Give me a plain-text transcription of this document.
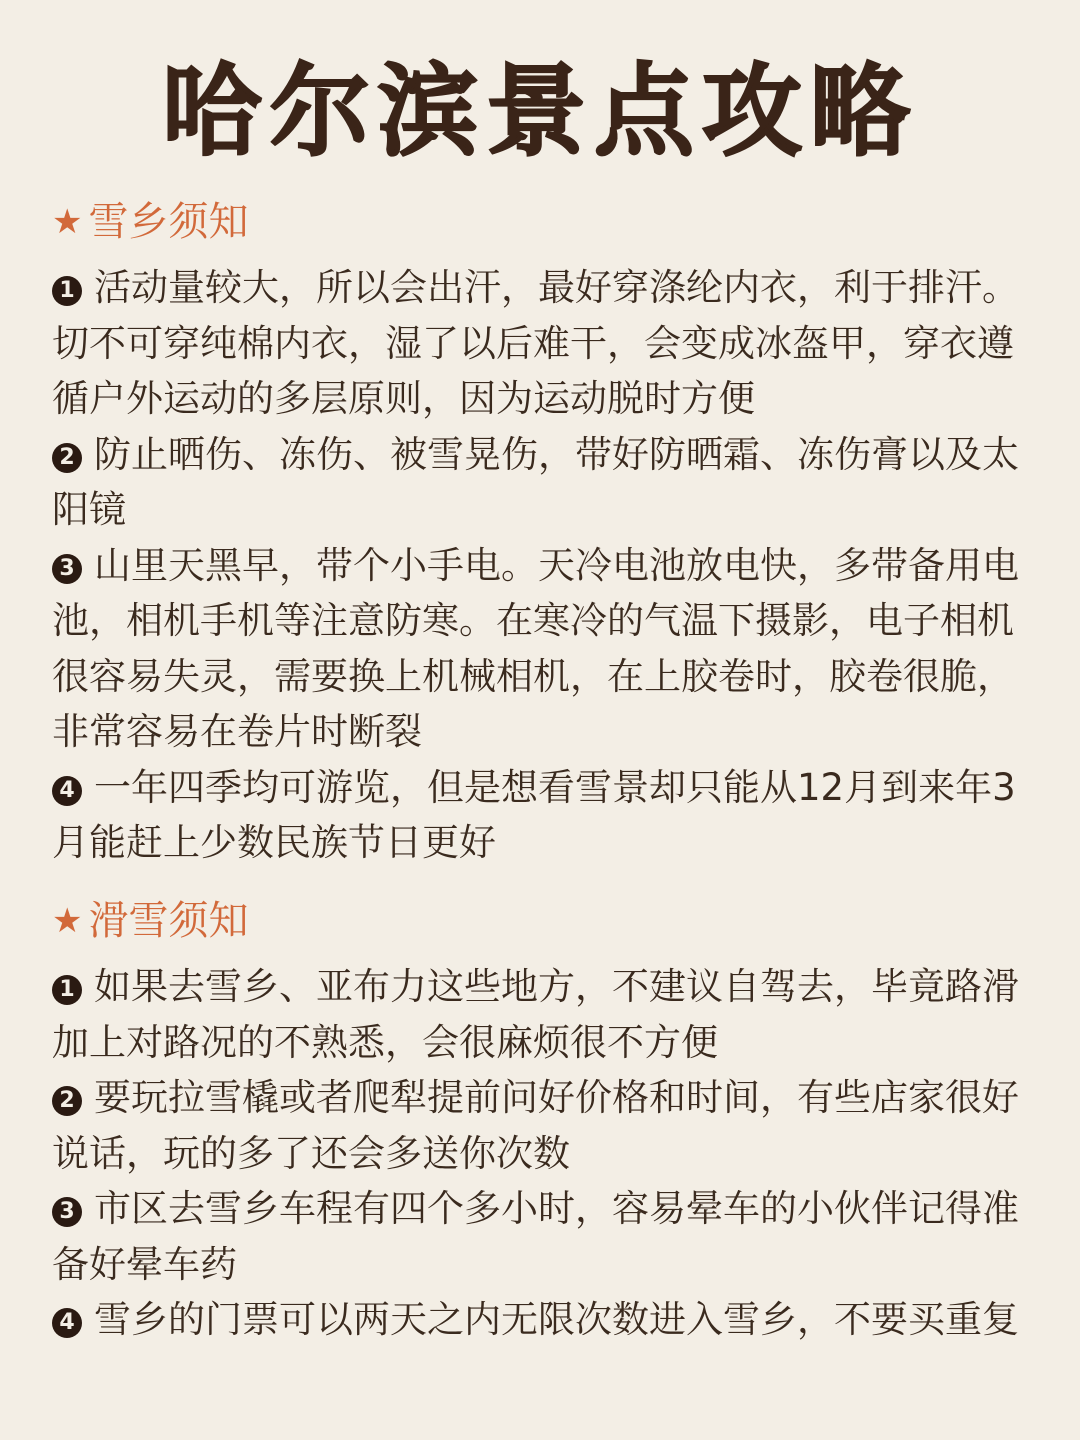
哈尔滨景点攻略
★ 雪乡须知

1 活动量较大，所以会出汗，最好穿涤纶内衣，利于排汗。切不可穿纯棉内衣，湿了以后难干，会变成冰盔甲，穿衣遵循户外运动的多层原则，因为运动脱时方便

2 防止晒伤、冻伤、被雪晃伤，带好防晒霜、冻伤膏以及太阳镜

3 山里天黑早，带个小手电。天冷电池放电快，多带备用电池，相机手机等注意防寒。在寒冷的气温下摄影，电子相机很容易失灵，需要换上机械相机，在上胶卷时，胶卷很脆，非常容易在卷片时断裂

4 一年四季均可游览，但是想看雪景却只能从12月到来年3月能赶上少数民族节日更好

★ 滑雪须知

1 如果去雪乡、亚布力这些地方，不建议自驾去，毕竟路滑加上对路况的不熟悉，会很麻烦很不方便

2 要玩拉雪橇或者爬犁提前问好价格和时间，有些店家很好说话，玩的多了还会多送你次数

3 市区去雪乡车程有四个多小时，容易晕车的小伙伴记得准备好晕车药

4 雪乡的门票可以两天之内无限次数进入雪乡，不要买重复
